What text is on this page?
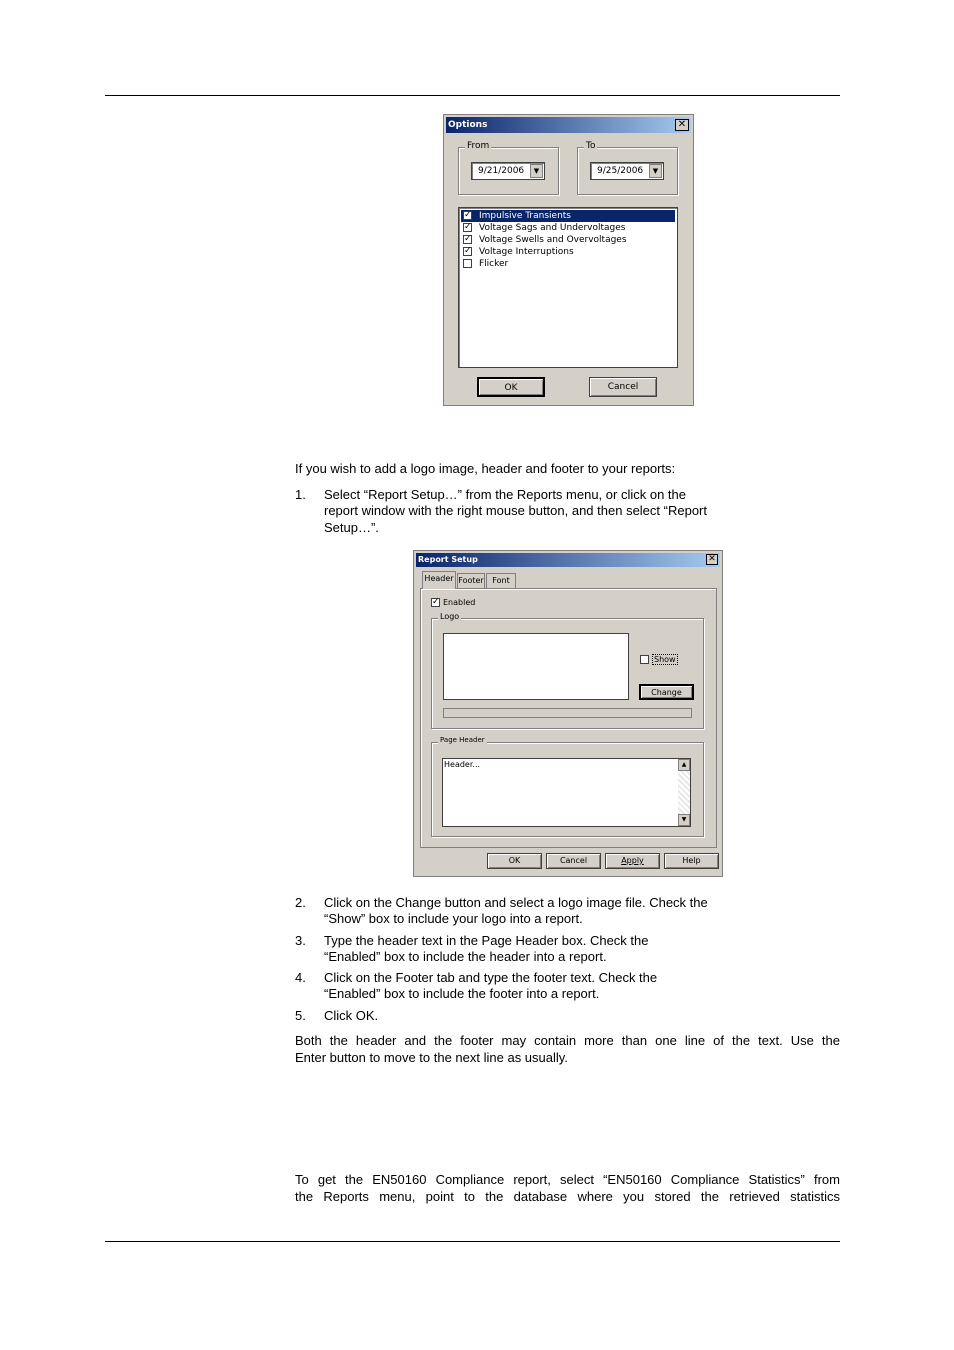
Options	✕
From
9/21/2006	▼
To
9/25/2006	▼
✓ Impulsive Transients
✓ Voltage Sags and Undervoltages
✓ Voltage Swells and Overvoltages
✓ Voltage Interruptions
Flicker
OK	Cancel
If you wish to add a logo image, header and footer to your reports:
1. Select “Report Setup…” from the Reports menu, or click on the
report window with the right mouse button, and then select “Report
Setup…”.
Report Setup	✕
Header Footer	Font
✓ Enabled
Logo
Show
Change
Page Header
Header...	▲
▼
OK	Cancel	Apply	Help
2. Click on the Change button and select a logo image file. Check the
“Show” box to include your logo into a report.
3. Type the header text in the Page Header box. Check the
“Enabled” box to include the header into a report.
4. Click on the Footer tab and type the footer text. Check the
“Enabled” box to include the footer into a report.
5. Click OK.
Both the header and the footer may contain more than one line of the text. Use the
Enter button to move to the next line as usually.
To get the EN50160 Compliance report, select “EN50160 Compliance Statistics” from
the Reports menu, point to the database where you stored the retrieved statistics
